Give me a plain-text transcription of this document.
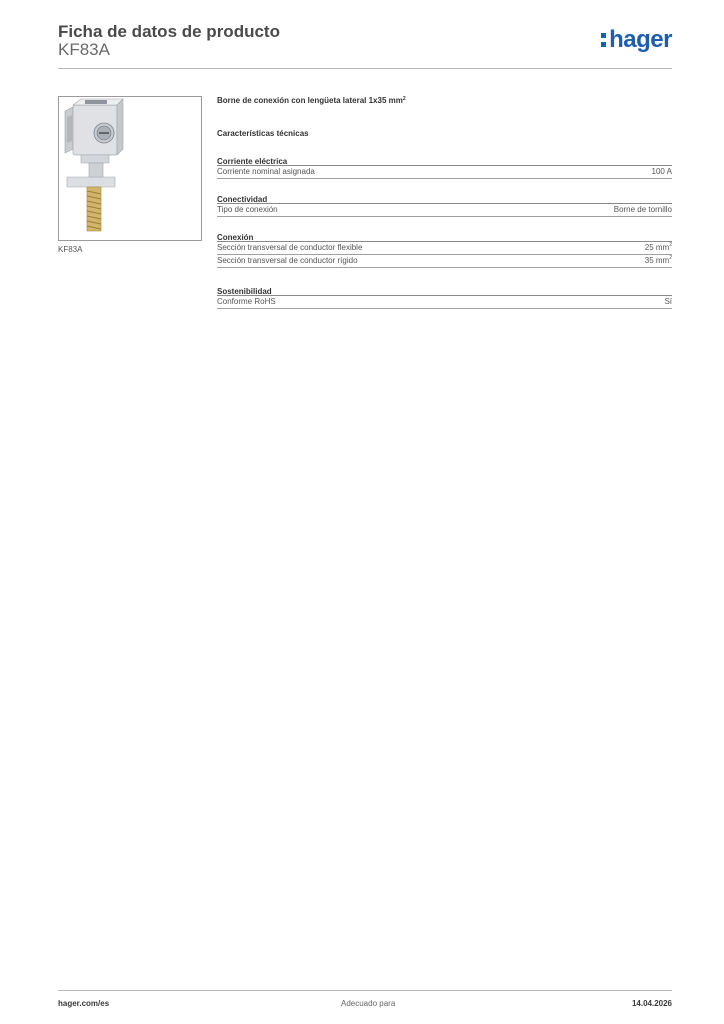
Ficha de datos de producto
KF83A	hager
KF83A
Borne de conexión con lengüeta lateral 1x35 $mm^2$
Características técnicas
Corriente eléctrica
Corriente nominal asignada	100 A
Conectividad
Tipo de conexión	Borne de tornillo
Conexión
Sección transversal de conductor flexible	25 $mm^2$
Sección transversal de conductor rígido	35 $mm^2$
Sostenibilidad
Conforme RoHS	Sí
hager.com/es	Adecuado para	14.04.2026
